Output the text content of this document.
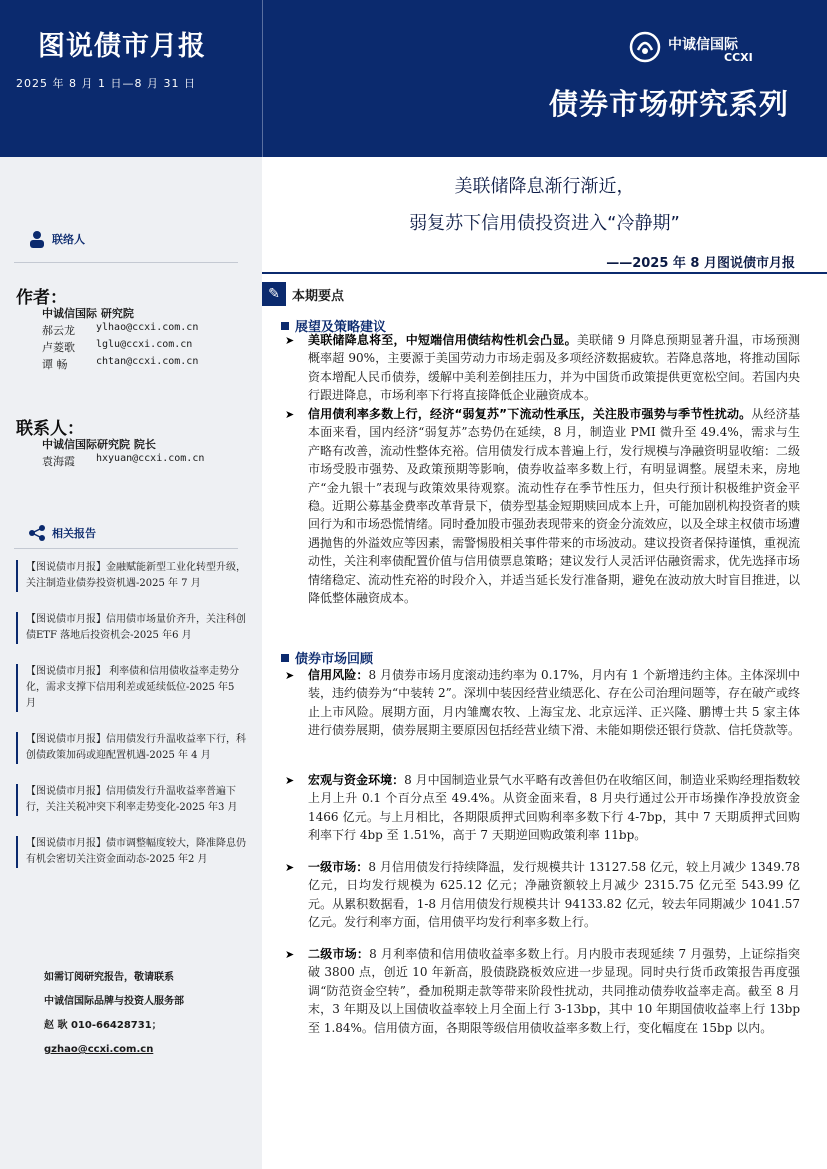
图说债市月报
2025 年 8 月 1 日—8 月 31 日
中诚信国际
CCXI
债券市场研究系列
联络人
作者：
中诚信国际 研究院
郝云龙	ylhao@ccxi.com.cn
卢菱歌	lglu@ccxi.com.cn
谭 畅	chtan@ccxi.com.cn
联系人：
中诚信国际研究院 院长
袁海霞	hxyuan@ccxi.com.cn
相关报告
【图说债市月报】金融赋能新型工业化转型升级，关注制造业债券投资机遇-2025 年 7 月
【图说债市月报】信用债市场量价齐升，关注科创债ETF 落地后投资机会-2025 年6 月
【图说债市月报】 利率债和信用债收益率走势分化，需求支撑下信用利差或延续低位-2025 年5 月
【图说债市月报】信用债发行升温收益率下行，科创债政策加码或迎配置机遇-2025 年 4 月
【图说债市月报】信用债发行升温收益率普遍下行，关注关税冲突下利率走势变化-2025 年3 月
【图说债市月报】债市调整幅度较大，降准降息仍有机会密切关注资金面动态-2025 年2 月
如需订阅研究报告，敬请联系
中诚信国际品牌与投资人服务部
赵 耿 010-66428731；
gzhao@ccxi.com.cn
美联储降息渐行渐近，
弱复苏下信用债投资进入“冷静期”
——2025 年 8 月图说债市月报
✎ 本期要点
展望及策略建议
➤ 美联储降息将至，中短端信用债结构性机会凸显。美联储 9 月降息预期显著升温，市场预测概率超 90%，主要源于美国劳动力市场走弱及多项经济数据疲软。若降息落地，将推动国际资本增配人民币债券，缓解中美利差倒挂压力，并为中国货币政策提供更宽松空间。若国内央行跟进降息，市场利率下行将直接降低企业融资成本。
➤ 信用债利率多数上行，经济“弱复苏”下流动性承压，关注股市强势与季节性扰动。从经济基本面来看，国内经济“弱复苏”态势仍在延续，8 月，制造业 PMI 微升至 49.4%，需求与生产略有改善，流动性整体充裕。信用债发行成本普遍上行，发行规模与净融资明显收缩：二级市场受股市强势、及政策预期等影响，债券收益率多数上行，有明显调整。展望未来，房地产“金九银十”表现与政策效果待观察。流动性存在季节性压力，但央行预计积极维护资金平稳。近期公募基金费率改革背景下，债券型基金短期赎回成本上升，可能加剧机构投资者的赎回行为和市场恐慌情绪。同时叠加股市强劲表现带来的资金分流效应，以及全球主权债市场遭遇抛售的外溢效应等因素，需警惕股相关事件带来的市场波动。建议投资者保持谨慎，重视流动性，关注利率债配置价值与信用债票息策略；建议发行人灵活评估融资需求，优先选择市场情绪稳定、流动性充裕的时段介入，并适当延长发行准备期，避免在波动放大时盲目推进，以降低整体融资成本。
债券市场回顾
➤ 信用风险：8 月债券市场月度滚动违约率为 0.17%，月内有 1 个新增违约主体。主体深圳中装，违约债券为“中装转 2”。深圳中装因经营业绩恶化、存在公司治理问题等，存在破产或终止上市风险。展期方面，月内雏鹰农牧、上海宝龙、北京远洋、正兴隆、鹏博士共 5 家主体进行债券展期，债券展期主要原因包括经营业绩下滑、未能如期偿还银行贷款、信托贷款等。
➤ 宏观与资金环境：8 月中国制造业景气水平略有改善但仍在收缩区间，制造业采购经理指数较上月上升 0.1 个百分点至 49.4%。从资金面来看，8 月央行通过公开市场操作净投放资金 1466 亿元。与上月相比，各期限质押式回购利率多数下行 4-7bp，其中 7 天期质押式回购利率下行 4bp 至 1.51%，高于 7 天期逆回购政策利率 11bp。
➤ 一级市场：8 月信用债发行持续降温，发行规模共计 13127.58 亿元，较上月减少 1349.78 亿元，日均发行规模为 625.12 亿元；净融资额较上月减少 2315.75 亿元至 543.99 亿元。从累积数据看，1-8 月信用债发行规模共计 94133.82 亿元，较去年同期减少 1041.57 亿元。发行利率方面，信用债平均发行利率多数上行。
➤ 二级市场：8 月利率债和信用债收益率多数上行。月内股市表现延续 7 月强势，上证综指突破 3800 点，创近 10 年新高，股债跷跷板效应进一步显现。同时央行货币政策报告再度强调“防范资金空转”，叠加税期走款等带来阶段性扰动，共同推动债券收益率走高。截至 8 月末，3 年期及以上国债收益率较上月全面上行 3-13bp，其中 10 年期国债收益率上行 13bp 至 1.84%。信用债方面，各期限等级信用债收益率多数上行，变化幅度在 15bp 以内。
